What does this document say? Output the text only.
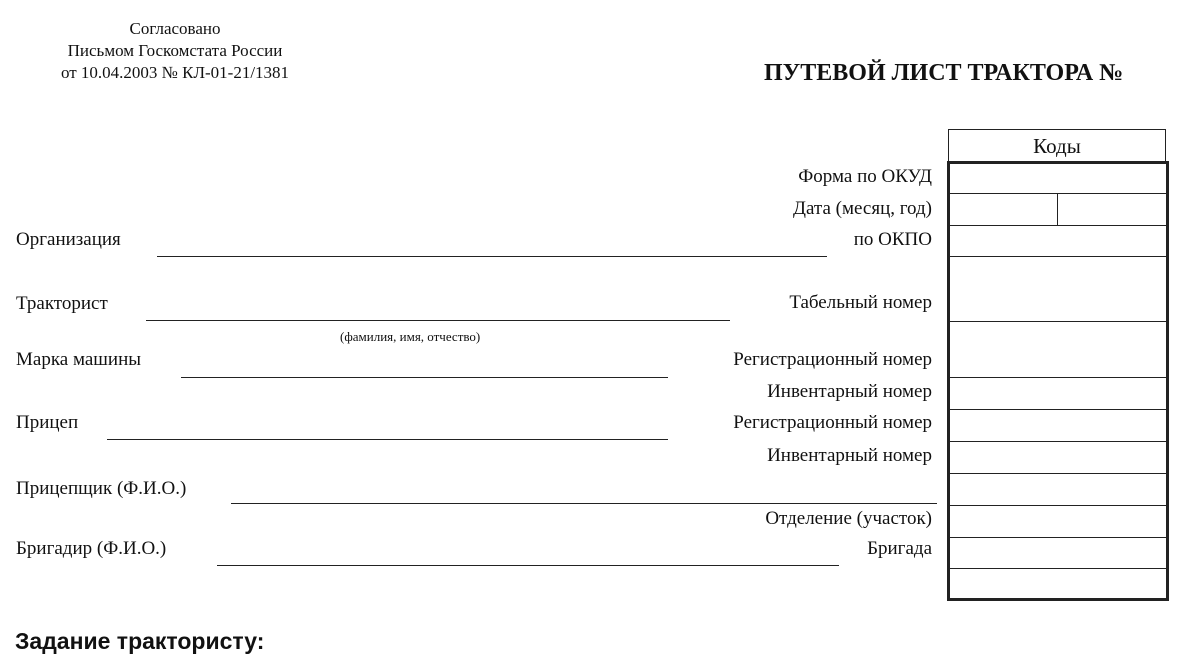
Согласовано
Письмом Госкомстата России
от 10.04.2003 № КЛ-01-21/1381	ПУТЕВОЙ ЛИСТ ТРАКТОРА №
Коды
Форма по ОКУД
Дата (месяц, год)
по ОКПО
Табельный номер
Регистрационный номер
Инвентарный номер
Регистрационный номер
Инвентарный номер
Отделение (участок)
Бригада
Организация
Тракторист
(фамилия, имя, отчество)
Марка машины
Прицеп
Прицепщик (Ф.И.О.)
Бригадир (Ф.И.О.)
Задание трактористу:
